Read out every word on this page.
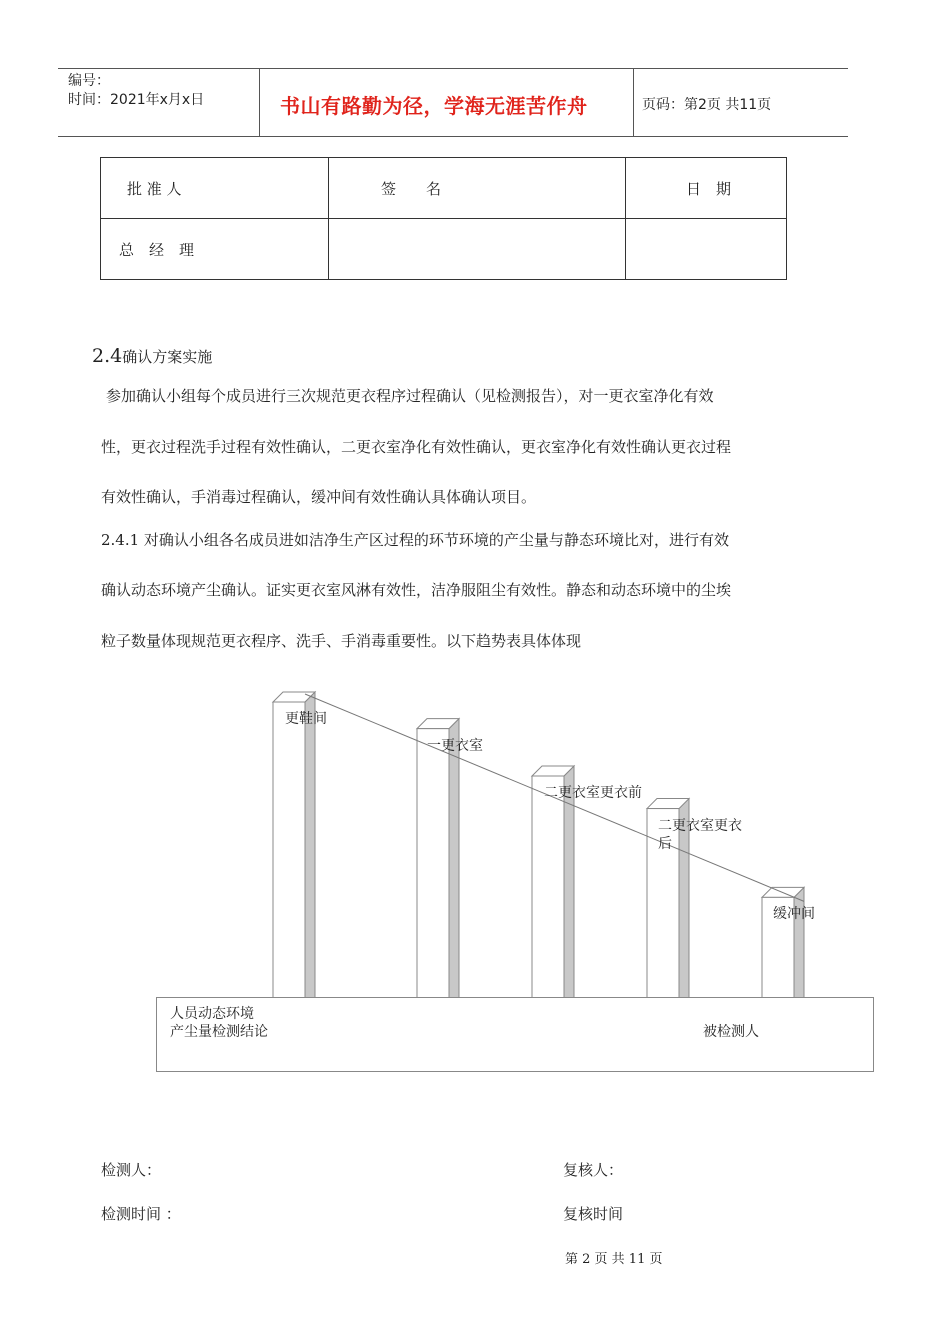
编号：
时间：2021年x月x日	书山有路勤为径，学海无涯苦作舟	页码：第2页 共11页
批 准 人	签　　名	日　期
总　经　理		
2.4确认方案实施
参加确认小组每个成员进行三次规范更衣程序过程确认（见检测报告），对一更衣室净化有效
性，更衣过程洗手过程有效性确认，二更衣室净化有效性确认，更衣室净化有效性确认更衣过程
有效性确认，手消毒过程确认，缓冲间有效性确认具体确认项目。
2.4.1 对确认小组各名成员进如洁净生产区过程的环节环境的产尘量与静态环境比对，进行有效
确认动态环境产尘确认。证实更衣室风淋有效性，洁净服阻尘有效性。静态和动态环境中的尘埃
粒子数量体现规范更衣程序、洗手、手消毒重要性。以下趋势表具体体现
人员动态环境
产尘量检测结论	被检测人
更鞋间
一更衣室
二更衣室更衣前
二更衣室更衣
后
缓冲间
检测人：	复核人：
检测时间 ：	复核时间
第 2 页 共 11 页
